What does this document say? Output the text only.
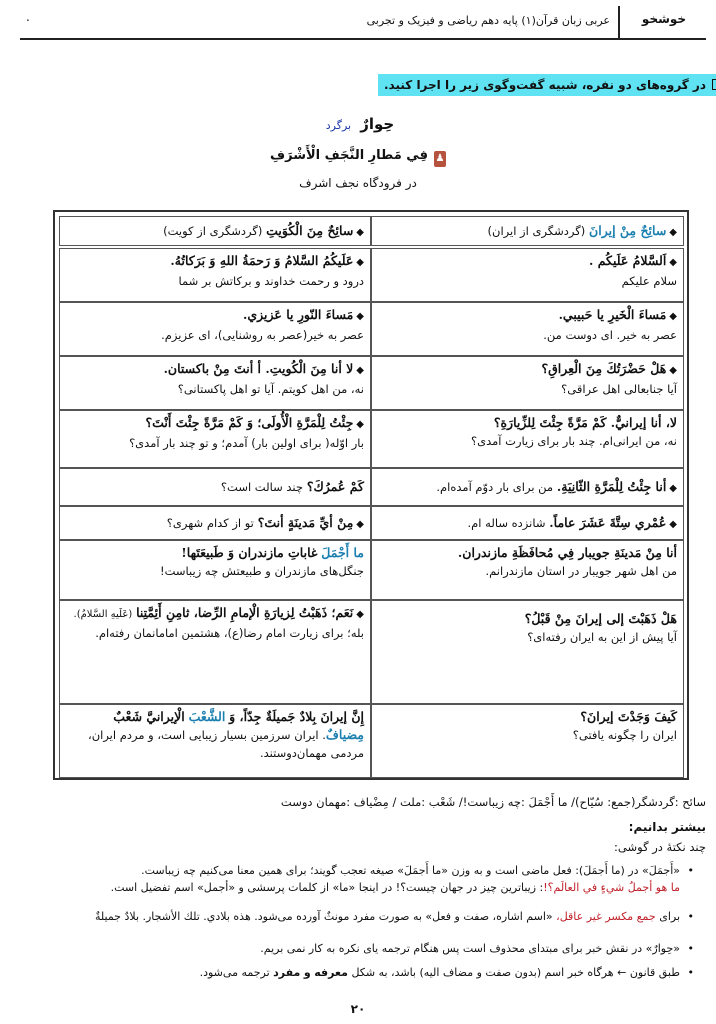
خوشخو
عربی زبان قرآن(۱) پایه دهم ریاضی و فیزیک و تجربی
.
در گروه‌های دو نفره، شبیه گفت‌وگوی زیر را اجرا کنید.
حِوارٌ برگرد
♟فِي مَطارِ النَّجَفِ الْأَشْرَفِ
در فرودگاه نجف اشرف
◆سائِحٌ مِنْ إيرانَ (گردشگری از ایران)
◆سائِحٌ مِنَ الْكُوَيتِ (گردشگری از کویت)
◆اَلسَّلامُ عَلَيكُم .
سلام علیکم
◆عَلَيكُمُ السَّلامُ وَ رَحمَةُ اللهِ وَ بَرَكاتُهُ.
درود و رحمت خداوند و برکاتش بر شما
◆مَساءَ الْخَيرِ يا حَبيبي.
عصر به خیر. ای دوست من.
◆مَساءَ النّورِ يا عَزيزي.
عصر به خیر(عصر به روشنایی)، ای عزیزم.
◆هَلْ حَضْرَتُكَ مِنَ الْعِراقِ؟
آیا جنابعالی اهل عراقی؟
◆لا أنا مِنَ الْكُويتِ. أ أنتَ مِنْ باكستان.
نه، من اهل کویتم. آیا تو اهل پاکستانی؟
لا، أنا إيرانيٌّ. كَمْ مَرَّةً جِئْتَ لِلزِّيارَةِ؟
نه، من ایرانی‌ام. چند بار برای زیارت آمدی؟
◆جِئْتُ لِلْمَرَّةِ الْأُولَى؛ وَ كَمْ مَرَّةً جِئْتَ أَنْتَ؟
بار اوّله( برای اولین بار) آمدم؛ و تو چند بار آمدی؟
◆أنا جِئْتُ لِلْمَرَّةِ الثّانِيَةِ. من برای بار دوّم آمده‌ام.
كَمْ عُمرُكَ؟ چند سالت است؟
◆عُمْري سِتَّةَ عَشَرَ عاماً. شانزده ساله ام.
◆مِنْ أيِّ مَدينَةٍ أنتَ؟ تو از کدام شهری؟
أنا مِنْ مَدينَةِ جويبار فِي مُحافَظَةِ مازندران.
من اهل شهر جویبار در استان مازندرانم.
ما أَجْمَلَ غاباتِ مازندران وَ طَبيعَتَها!
جنگل‌های مازندران و طبیعتش چه زیباست!
هَلْ ذَهَبْتَ إلى إيرانَ مِنْ قَبْلُ؟
آیا پیش از این به ایران رفته‌ای؟
◆نَعَم؛ ذَهَبْتُ لِزيارَةِ الْإمامِ الرِّضا، ثامِنِ أَئِمَّتِنا (عَلَيهِ السَّلامُ).
بله؛ برای زیارت امام رضا(ع)، هشتمین امامانمان رفته‌ام.
كَيفَ وَجَدْتَ إيرانَ؟
ایران را چگونه یافتی؟
إِنَّ إيرانَ بِلادٌ جَميلَةٌ جِدّاً، وَ الشَّعْبَ الْإيرانيَّ شَعْبٌ
مِضيافٌ. ایران سرزمین بسیار زیبایی است، و مردم ایران، مردمی مهمان‌دوستند.
سائح :گردشگر(جمع: سُیّاح)/ ما أَجْمَلَ :چه زیباست!/ شَعْب :ملت / مِضْیاف :مهمان دوست
بیشتر بدانیم:
چند نکتهٔ در گوشی:
•
«أَجمَلَ» در (ما أَجمَلَ): فعل ماضی است و به وزن «ما أَجمَلَ» صیغه تعجب گویند؛ برای همین معنا می‌کنیم چه زیباست.
ما هو أجملُ شيءٍ في العالَم؟!: زیباترین چیز در جهان چیست؟! در اینجا «ما» از کلمات پرسشی و «أجمل» اسم تفضیل است.
•
برای جمع مکسر غیر عاقل، «اسم اشاره، صفت و فعل» به صورت مفرد مونثٌ آورده می‌شود. هذه بلادي. تلك الأشجار. بلادٌ جميلةٌ
•
«حِوارٌ» در نقش خبر برای مبتدای محذوف است پس هنگام ترجمه یای نکره به کار نمی بریم.
•
طبق قانون ← هرگاه خبر اسم (بدون صفت و مضاف الیه) باشد، به شکل معرفه و مفرد ترجمه می‌شود.
۲۰
